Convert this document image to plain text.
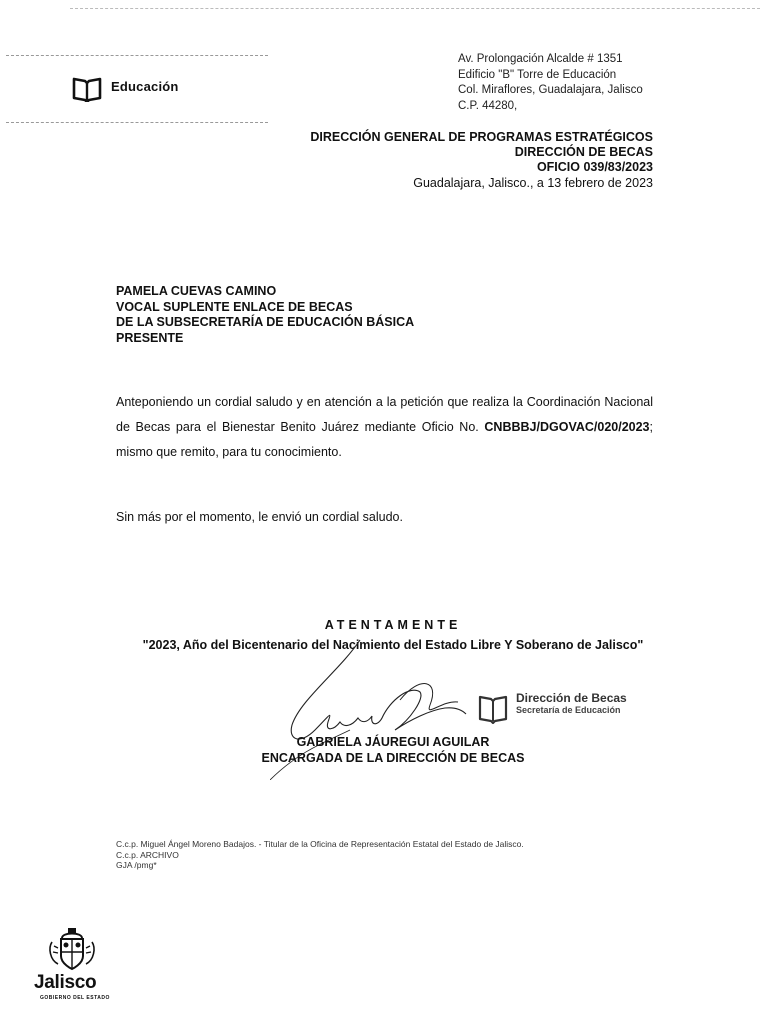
Educación
Av. Prolongación Alcalde # 1351
Edificio "B" Torre de Educación
Col. Miraflores, Guadalajara, Jalisco
C.P. 44280,
DIRECCIÓN GENERAL DE PROGRAMAS ESTRATÉGICOS
DIRECCIÓN DE BECAS
OFICIO 039/83/2023
Guadalajara, Jalisco., a 13 febrero de 2023
PAMELA CUEVAS CAMINO
VOCAL SUPLENTE ENLACE DE BECAS
DE LA SUBSECRETARÍA DE EDUCACIÓN BÁSICA
PRESENTE
Anteponiendo un cordial saludo y en atención a la petición que realiza la Coordinación Nacional de Becas para el Bienestar Benito Juárez mediante Oficio No. CNBBBJ/DGOVAC/020/2023; mismo que remito, para tu conocimiento.
Sin más por el momento, le envió un cordial saludo.
ATENTAMENTE
"2023, Año del Bicentenario del Nacimiento del Estado Libre Y Soberano de Jalisco"
Dirección de Becas
Secretaría de Educación
GABRIELA JÁUREGUI AGUILAR
ENCARGADA DE LA DIRECCIÓN DE BECAS
C.c.p. Miguel Ángel Moreno Badajos. - Titular de la Oficina de Representación Estatal del Estado de Jalisco.
C.c.p. ARCHIVO
GJA /pmg*
Jalisco
GOBIERNO DEL ESTADO
